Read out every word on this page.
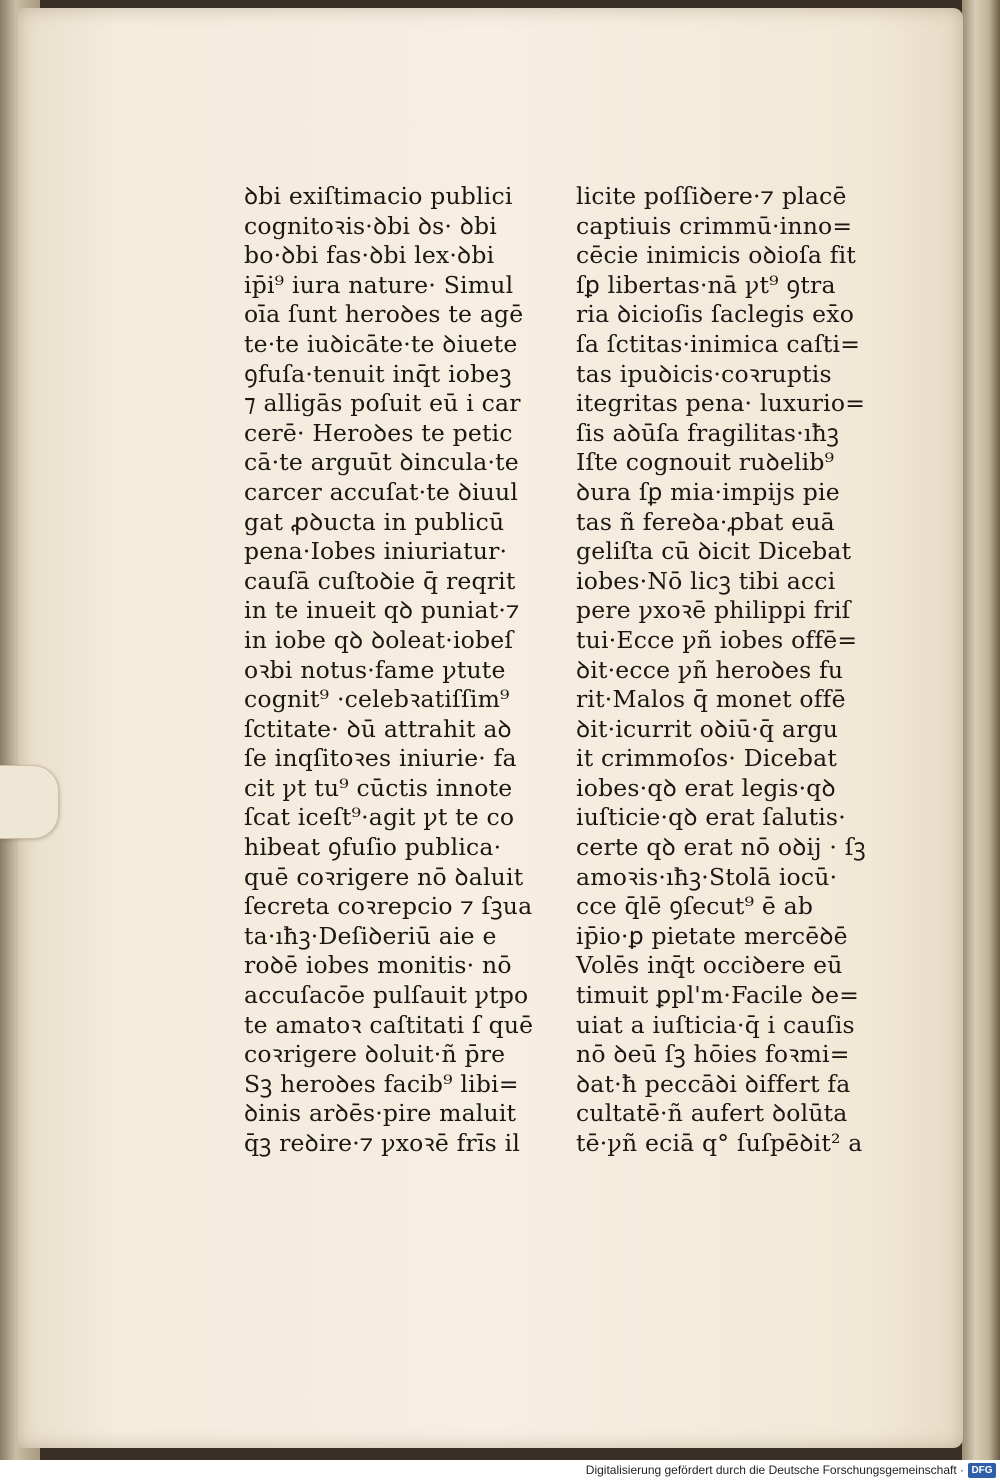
ꝺbi exiſtimacio publici
cognitoꝛis·ꝺbi ꝺs· ꝺbi
bo·ꝺbi fas·ꝺbi lex·ꝺbi
ip̄i⁹ iura nature· Simul
oīa ſunt heroꝺes te agē
te·te iuꝺicāte·te ꝺiuete
ꝯfuſa·tenuit inq̄t iobeꝫ
⁊ alligās poſuit eū i car
cerē· Heroꝺes te petic
cā·te arguūt ꝺincula·te
carcer accuſat·te ꝺiuul
gat ꝓꝺucta in publicū
pena·Iobes iniuriatur·
cauſā cuſtoꝺie q̄ reqrit
in te inueit qꝺ puniat·⁊
in iobe qꝺ ꝺoleat·iobeſ
oꝛbi notus·fame ꝩtute
cognit⁹ ·celebꝛatiſſim⁹
ſctitate· ꝺū attrahit aꝺ
ſe inqſitoꝛes iniurie· fa
cit ꝩt tu⁹ cūctis innote
ſcat iceſt⁹·agit ꝩt te co
hibeat ꝯfuſio publica·
quē coꝛrigere nō ꝺaluit
ſecreta coꝛrepcio ⁊ ſꝫua
ta·ıħꝫ·Deſiꝺeriū aie e
roꝺē iobes monitis· nō
accuſacōe pulſauit ꝩtpo
te amatoꝛ caſtitati ſ quē
coꝛrigere ꝺoluit·ñ p̄re
Sꝫ heroꝺes facib⁹ libi=
ꝺinis arꝺēs·pire maluit
q̄ꝫ reꝺire·⁊ ꝩxoꝛē frīs il
licite poſſiꝺere·⁊ placē
captiuis crimmū·inno=
cēcie inimicis oꝺioſa fit
ſꝑ libertas·nā ꝩt⁹ ꝯtra
ria ꝺicioſis ſaclegis ex̄o
ſa ſctitas·inimica caſti=
tas ipuꝺicis·coꝛruptis
itegritas pena· luxurio=
ſis aꝺūſa fragilitas·ıħꝫ
Iſte cognouit ruꝺelib⁹
ꝺura ſꝑ mia·impijs pie
tas ñ fereꝺa·ꝓbat euā
geliſta cū ꝺicit Dicebat
iobes·Nō licꝫ tibi acci
pere ꝩxoꝛē philippi friſ
tui·Ecce ꝩñ iobes offē=
ꝺit·ecce ꝩñ heroꝺes fu
rit·Malos q̄ monet offē
ꝺit·icurrit oꝺiū·q̄ argu
it crimmoſos· Dicebat
iobes·qꝺ erat legis·qꝺ
iuſticie·qꝺ erat ſalutis·
certe qꝺ erat nō oꝺij · ſꝫ
amoꝛis·ıħꝫ·Stolā iocū·
cce q̄lē ꝯſecut⁹ ē ab
ip̄io·ꝑ pietate mercēꝺē
Volēs inq̄t occiꝺere eū
timuit ꝑpl'm·Facile ꝺe=
uiat a iuſticia·q̄ i cauſis
nō ꝺeū ſꝫ hōies foꝛmi=
ꝺat·ħ peccāꝺi ꝺiffert fa
cultatē·ñ aufert ꝺolūta
tē·ꝩñ eciā q° ſuſpēꝺit² a
Digitalisierung gefördert durch die Deutsche Forschungsgemeinschaft · DFG
